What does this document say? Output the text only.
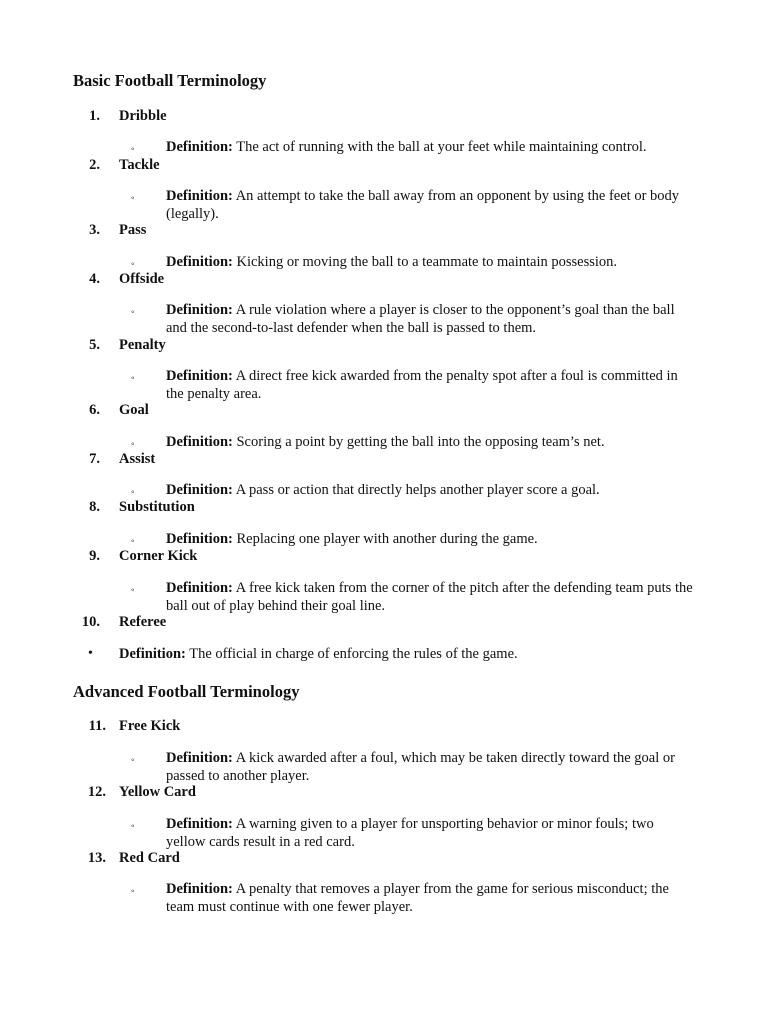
Basic Football Terminology
1. Dribble
◦ Definition: The act of running with the ball at your feet while maintaining control.
2. Tackle
◦ Definition: An attempt to take the ball away from an opponent by using the feet or body (legally).
3. Pass
◦ Definition: Kicking or moving the ball to a teammate to maintain possession.
4. Offside
◦ Definition: A rule violation where a player is closer to the opponent’s goal than the ball and the second-to-last defender when the ball is passed to them.
5. Penalty
◦ Definition: A direct free kick awarded from the penalty spot after a foul is committed in the penalty area.
6. Goal
◦ Definition: Scoring a point by getting the ball into the opposing team’s net.
7. Assist
◦ Definition: A pass or action that directly helps another player score a goal.
8. Substitution
◦ Definition: Replacing one player with another during the game.
9. Corner Kick
◦ Definition: A free kick taken from the corner of the pitch after the defending team puts the ball out of play behind their goal line.
10. Referee
• Definition: The official in charge of enforcing the rules of the game.
Advanced Football Terminology
11. Free Kick
◦ Definition: A kick awarded after a foul, which may be taken directly toward the goal or passed to another player.
12. Yellow Card
◦ Definition: A warning given to a player for unsporting behavior or minor fouls; two yellow cards result in a red card.
13. Red Card
◦ Definition: A penalty that removes a player from the game for serious misconduct; the team must continue with one fewer player.
